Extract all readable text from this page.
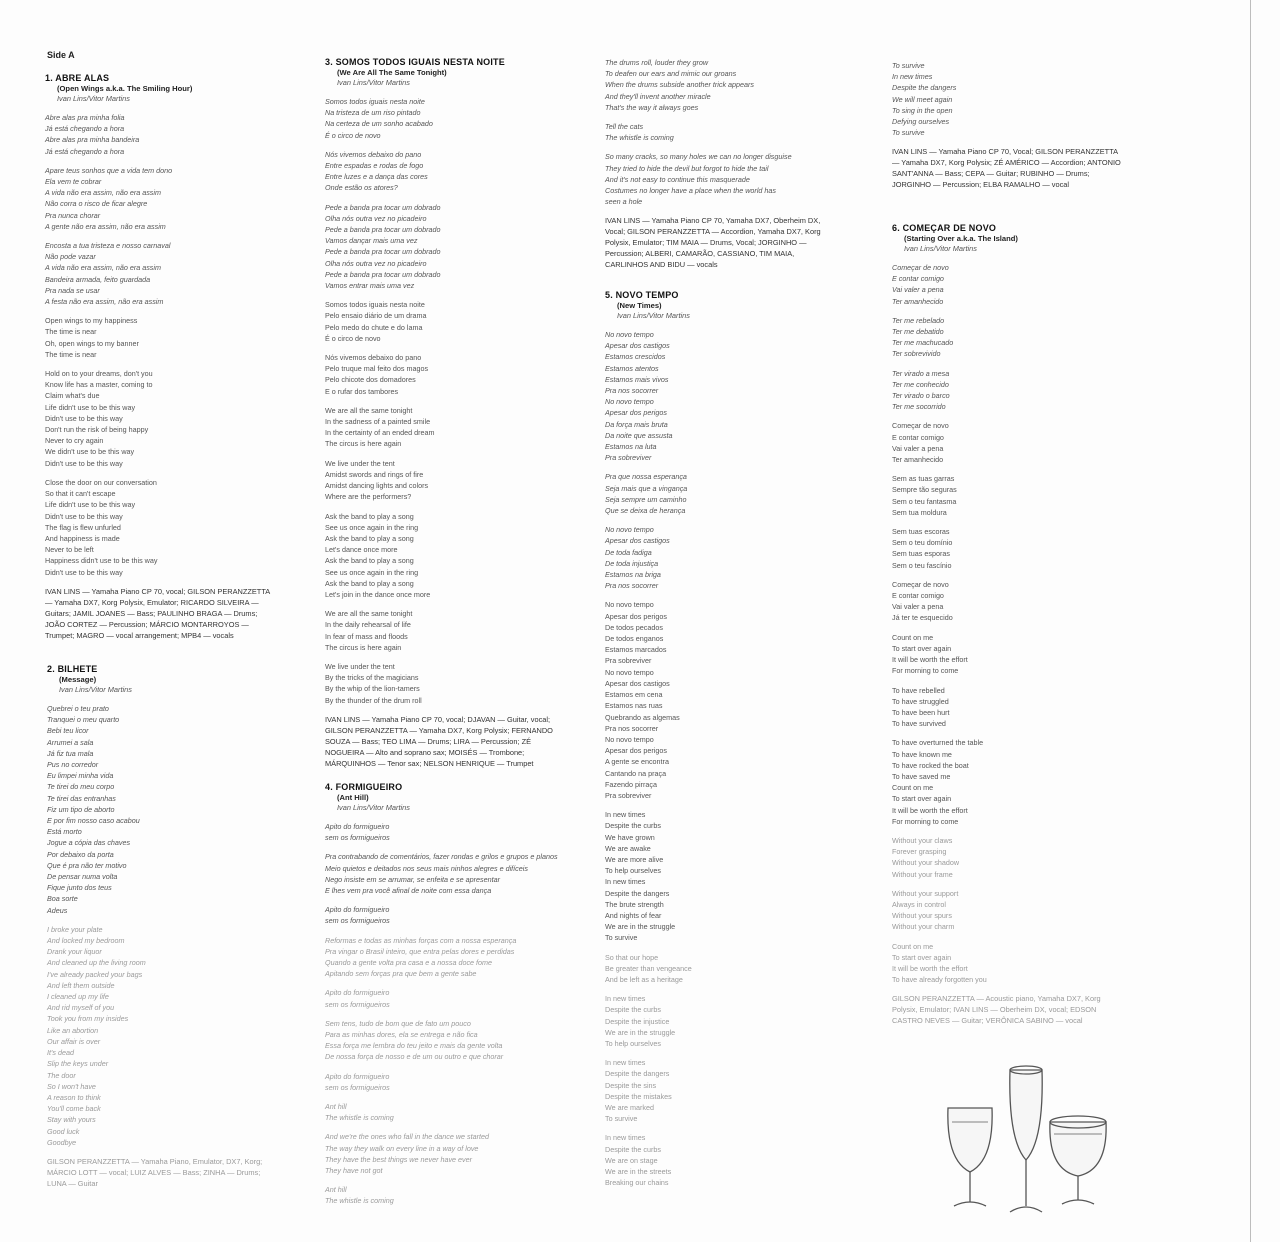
Side A
1. ABRE ALAS
(Open Wings a.k.a. The Smiling Hour)
Ivan Lins/Vitor Martins
Abre alas pra minha folia
Já está chegando a hora
Abre alas pra minha bandeira
Já está chegando a hora
Apare teus sonhos que a vida tem dono
Ela vem te cobrar
A vida não era assim, não era assim
Não corra o risco de ficar alegre
Pra nunca chorar
A gente não era assim, não era assim
Encosta a tua tristeza e nosso carnaval
Não pode vazar
A vida não era assim, não era assim
Bandeira armada, feito guardada
Pra nada se usar
A festa não era assim, não era assim
Open wings to my happiness
The time is near
Oh, open wings to my banner
The time is near
Hold on to your dreams, don't you
Know life has a master, coming to
Claim what's due
Life didn't use to be this way
Didn't use to be this way
Don't run the risk of being happy
Never to cry again
We didn't use to be this way
Didn't use to be this way
Close the door on our conversation
So that it can't escape
Life didn't use to be this way
Didn't use to be this way
The flag is flew unfurled
And happiness is made
Never to be left
Happiness didn't use to be this way
Didn't use to be this way
IVAN LINS — Yamaha Piano CP 70, vocal; GILSON PERANZZETTA — Yamaha DX7, Korg Polysix, Emulator; RICARDO SILVEIRA — Guitars; JAMIL JOANES — Bass; PAULINHO BRAGA — Drums; JOÃO CORTEZ — Percussion; MÁRCIO MONTARROYOS — Trumpet; MAGRO — vocal arrangement; MPB4 — vocals
2. BILHETE
(Message)
Ivan Lins/Vitor Martins
Quebrei o teu prato
Tranquei o meu quarto
Bebi teu licor
Arrumei a sala
Já fiz tua mala
Pus no corredor
Eu limpei minha vida
Te tirei do meu corpo
Te tirei das entranhas
Fiz um tipo de aborto
E por fim nosso caso acabou
Está morto
Jogue a cópia das chaves
Por debaixo da porta
Que é pra não ter motivo
De pensar numa volta
Fique junto dos teus
Boa sorte
Adeus
I broke your plate
And locked my bedroom
Drank your liquor
And cleaned up the living room
I've already packed your bags
And left them outside
I cleaned up my life
And rid myself of you
Took you from my insides
Like an abortion
Our affair is over
It's dead
Slip the keys under
The door
So I won't have
A reason to think
You'll come back
Stay with yours
Good luck
Goodbye
GILSON PERANZZETTA — Yamaha Piano, Emulator, DX7, Korg; MÁRCIO LOTT — vocal; LUIZ ALVES — Bass; ZINHA — Drums; LUNA — Guitar
3. SOMOS TODOS IGUAIS NESTA NOITE
(We Are All The Same Tonight)
Ivan Lins/Vitor Martins
Somos todos iguais nesta noite
Na tristeza de um riso pintado
Na certeza de um sonho acabado
É o circo de novo
Nós vivemos debaixo do pano
Entre espadas e rodas de fogo
Entre luzes e a dança das cores
Onde estão os atores?
Pede a banda pra tocar um dobrado
Olha nós outra vez no picadeiro
Pede a banda pra tocar um dobrado
Vamos dançar mais uma vez
Pede a banda pra tocar um dobrado
Olha nós outra vez no picadeiro
Pede a banda pra tocar um dobrado
Vamos entrar mais uma vez
Somos todos iguais nesta noite
Pelo ensaio diário de um drama
Pelo medo do chute e do lama
É o circo de novo
Nós vivemos debaixo do pano
Pelo truque mal feito dos magos
Pelo chicote dos domadores
E o rufar dos tambores
We are all the same tonight
In the sadness of a painted smile
In the certainty of an ended dream
The circus is here again
We live under the tent
Amidst swords and rings of fire
Amidst dancing lights and colors
Where are the performers?
Ask the band to play a song
See us once again in the ring
Ask the band to play a song
Let's dance once more
Ask the band to play a song
See us once again in the ring
Ask the band to play a song
Let's join in the dance once more
We are all the same tonight
In the daily rehearsal of life
In fear of mass and floods
The circus is here again
We live under the tent
By the tricks of the magicians
By the whip of the lion-tamers
By the thunder of the drum roll
IVAN LINS — Yamaha Piano CP 70, vocal; DJAVAN — Guitar, vocal; GILSON PERANZZETTA — Yamaha DX7, Korg Polysix; FERNANDO SOUZA — Bass; TEO LIMA — Drums; LIRA — Percussion; ZÉ NOGUEIRA — Alto and soprano sax; MOISÉS — Trombone; MÁRQUINHOS — Tenor sax; NELSON HENRIQUE — Trumpet
4. FORMIGUEIRO
(Ant Hill)
Ivan Lins/Vitor Martins
Apito do formigueiro
sem os formigueiros
Pra contrabando de comentários, fazer rondas e grilos e grupos e planos
Meio quietos e deitados nos seus mais ninhos alegres e difíceis
Nego insiste em se arrumar, se enfeita e se apresentar
E lhes vem pra você afinal de noite com essa dança
Apito do formigueiro
sem os formigueiros
Reformas e todas as minhas forças com a nossa esperança
Pra vingar o Brasil inteiro, que entra pelas dores e perdidas
Quando a gente volta pra casa e a nossa doce fome
Apitando sem forças pra que bem a gente sabe
Apito do formigueiro
sem os formigueiros
Sem tens, tudo de bom que de fato um pouco
Para as minhas dores, ela se entrega e não fica
Essa força me lembra do teu jeito e mais da gente volta
De nossa força de nosso e de um ou outro e que chorar
Apito do formigueiro
sem os formigueiros
Ant hill
The whistle is coming
And we're the ones who fall in the dance we started
The way they walk on every line in a way of love
They have the best things we never have ever
They have not got
Ant hill
The whistle is coming
The drums roll, louder they grow
To deafen our ears and mimic our groans
When the drums subside another trick appears
And they'll invent another miracle
That's the way it always goes
Tell the cats
The whistle is coming
So many cracks, so many holes we can no longer disguise
They tried to hide the devil but forgot to hide the tail
And it's not easy to continue this masquerade
Costumes no longer have a place when the world has
seen a hole
IVAN LINS — Yamaha Piano CP 70, Yamaha DX7, Oberheim DX, Vocal; GILSON PERANZZETTA — Accordion, Yamaha DX7, Korg Polysix, Emulator; TIM MAIA — Drums, Vocal; JORGINHO — Percussion; ALBERI, CAMARÃO, CASSIANO, TIM MAIA, CARLINHOS AND BIDU — vocals
5. NOVO TEMPO
(New Times)
Ivan Lins/Vitor Martins
No novo tempo
Apesar dos castigos
Estamos crescidos
Estamos atentos
Estamos mais vivos
Pra nos socorrer
No novo tempo
Apesar dos perigos
Da força mais bruta
Da noite que assusta
Estamos na luta
Pra sobreviver
Pra que nossa esperança
Seja mais que a vingança
Seja sempre um caminho
Que se deixa de herança
No novo tempo
Apesar dos castigos
De toda fadiga
De toda injustiça
Estamos na briga
Pra nos socorrer
No novo tempo
Apesar dos perigos
De todos pecados
De todos enganos
Estamos marcados
Pra sobreviver
No novo tempo
Apesar dos castigos
Estamos em cena
Estamos nas ruas
Quebrando as algemas
Pra nos socorrer
No novo tempo
Apesar dos perigos
A gente se encontra
Cantando na praça
Fazendo pirraça
Pra sobreviver
In new times
Despite the curbs
We have grown
We are awake
We are more alive
To help ourselves
In new times
Despite the dangers
The brute strength
And nights of fear
We are in the struggle
To survive
So that our hope
Be greater than vengeance
And be left as a heritage
In new times
Despite the curbs
Despite the injustice
We are in the struggle
To help ourselves
In new times
Despite the dangers
Despite the sins
Despite the mistakes
We are marked
To survive
In new times
Despite the curbs
We are on stage
We are in the streets
Breaking our chains
To survive
In new times
Despite the dangers
We will meet again
To sing in the open
Defying ourselves
To survive
IVAN LINS — Yamaha Piano CP 70, Vocal; GILSON PERANZZETTA — Yamaha DX7, Korg Polysix; ZÉ AMÉRICO — Accordion; ANTONIO SANT'ANNA — Bass; CEPA — Guitar; RUBINHO — Drums; JORGINHO — Percussion; ELBA RAMALHO — vocal
6. COMEÇAR DE NOVO
(Starting Over a.k.a. The Island)
Ivan Lins/Vitor Martins
Começar de novo
E contar comigo
Vai valer a pena
Ter amanhecido
Ter me rebelado
Ter me debatido
Ter me machucado
Ter sobrevivido
Ter virado a mesa
Ter me conhecido
Ter virado o barco
Ter me socorrido
Começar de novo
E contar comigo
Vai valer a pena
Ter amanhecido
Sem as tuas garras
Sempre tão seguras
Sem o teu fantasma
Sem tua moldura
Sem tuas escoras
Sem o teu domínio
Sem tuas esporas
Sem o teu fascínio
Começar de novo
E contar comigo
Vai valer a pena
Já ter te esquecido
Count on me
To start over again
It will be worth the effort
For morning to come
To have rebelled
To have struggled
To have been hurt
To have survived
To have overturned the table
To have known me
To have rocked the boat
To have saved me
Count on me
To start over again
It will be worth the effort
For morning to come
Without your claws
Forever grasping
Without your shadow
Without your frame
Without your support
Always in control
Without your spurs
Without your charm
Count on me
To start over again
It will be worth the effort
To have already forgotten you
GILSON PERANZZETTA — Acoustic piano, Yamaha DX7, Korg Polysix, Emulator; IVAN LINS — Oberheim DX, vocal; EDSON CASTRO NEVES — Guitar; VERÔNICA SABINO — vocal
